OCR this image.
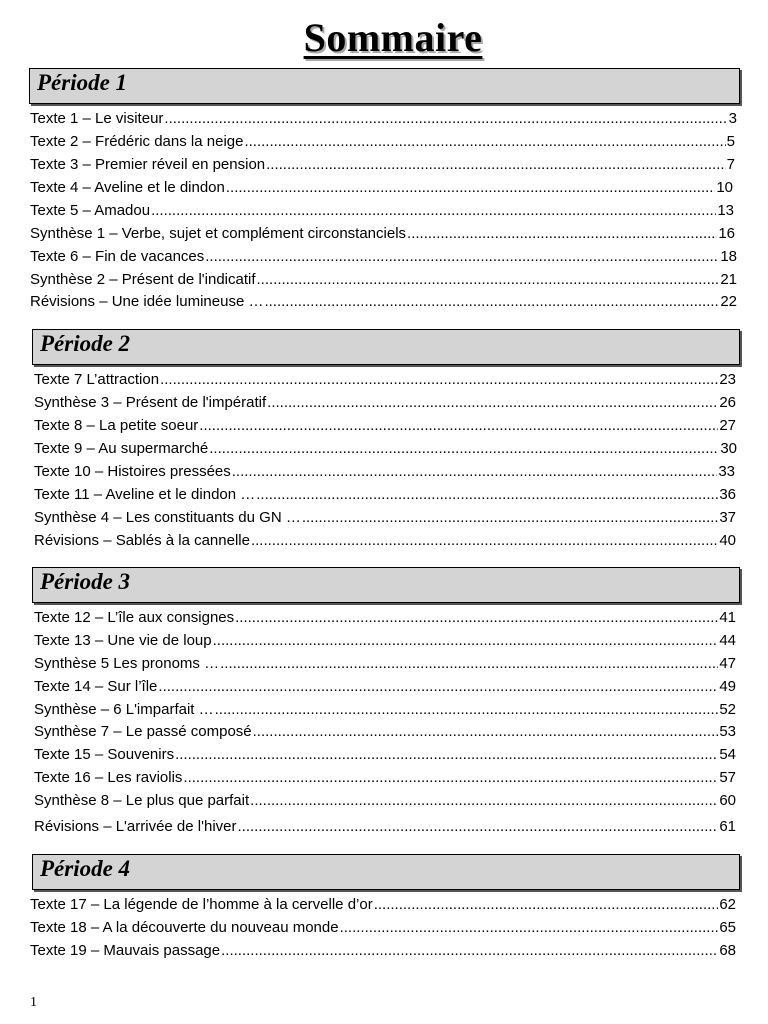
Sommaire
Période 1
Texte 1 – Le visiteur .....	3
Texte 2 – Frédéric dans la neige .....	5
Texte 3 – Premier réveil en pension .....	7
Texte 4 – Aveline et le dindon .....	10
Texte 5 – Amadou .....	13
Synthèse 1 – Verbe, sujet et complément circonstanciels .....	16
Texte 6 – Fin de vacances .....	18
Synthèse 2 – Présent de l'indicatif .....	21
Révisions – Une idée lumineuse … .....	22
Période 2
Texte 7 L’attraction .....	23
Synthèse 3 – Présent de l'impératif .....	26
Texte 8 – La petite soeur .....	27
Texte 9 – Au supermarché .....	30
Texte 10 – Histoires pressées .....	33
Texte 11 – Aveline et le dindon … .....	36
Synthèse 4 – Les constituants du GN … .....	37
Révisions – Sablés à la cannelle .....	40
Période 3
Texte 12 – L’île aux consignes .....	41
Texte 13 – Une vie de loup .....	44
Synthèse 5 Les pronoms … .....	47
Texte 14 – Sur l’île .....	49
Synthèse – 6 L'imparfait … .....	52
Synthèse 7 – Le passé composé .....	53
Texte 15 – Souvenirs .....	54
Texte 16 – Les raviolis .....	57
Synthèse 8 – Le plus que parfait .....	60
Révisions – L'arrivée de l'hiver .....	61
Période 4
Texte 17 – La légende de l’homme à la cervelle d’or .....	62
Texte 18 – A la découverte du nouveau monde .....	65
Texte 19 – Mauvais passage .....	68
1
